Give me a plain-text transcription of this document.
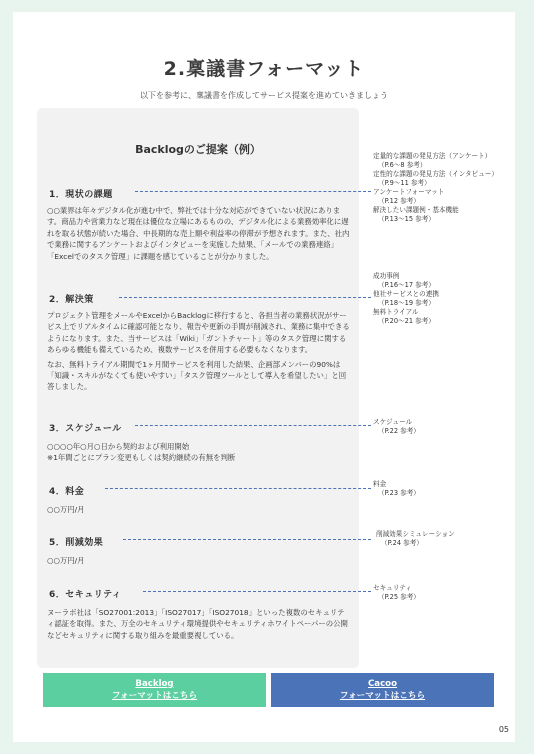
2.稟議書フォーマット
以下を参考に、稟議書を作成してサービス提案を進めていきましょう
Backlogのご提案（例）
1．現状の課題

○○業界は年々デジタル化が進む中で、弊社では十分な対応ができていない状況にあります。商品力や営業力など現在は優位な立場にあるものの、デジタル化による業務効率化に遅れを取る状態が続いた場合、中長期的な売上額や利益率の停滞が予想されます。また、社内で業務に関するアンケートおよびインタビューを実施した結果、「メールでの業務連絡」「Excelでのタスク管理」に課題を感じていることが分かりました。

2．解決策

プロジェクト管理をメールやExcelからBacklogに移行すると、各担当者の業務状況がサービス上でリアルタイムに確認可能となり、報告や更新の手間が削減され、業務に集中できるようになります。また、当サービスは「Wiki」「ガントチャート」等のタスク管理に関するあらゆる機能も備えているため、複数サービスを併用する必要もなくなります。

なお、無料トライアル期間で1ヶ月間サービスを利用した結果、企画部メンバーの90%は「知識・スキルがなくても使いやすい」「タスク管理ツールとして導入を希望したい」と回答しました。

3．スケジュール

○○○○年○月○日から契約および利用開始

※1年間ごとにプラン変更もしくは契約継続の有無を判断

4．料金

○○万円/月

5．削減効果

○○万円/月

6．セキュリティ

ヌーラボ社は「SO27001:2013」「ISO27017」「ISO27018」といった複数のセキュリティ認証を取得。また、万全のセキュリティ環境提供やセキュリティホワイトペーパーの公開などセキュリティに関する取り組みを最重要視している。

定量的な課題の発見方法（アンケート）
（P.6～8 参考）
定性的な課題の発見方法（インタビュー）
（P.9～11 参考）
アンケートフォーマット
（P.12 参考）
解決したい課題例・基本機能
（P.13～15 参考）
成功事例
（P.16～17 参考）
他社サービスとの連携
（P.18～19 参考）
無料トライアル
（P.20～21 参考）
スケジュール
（P.22 参考）
料金
（P.23 参考）
削減効果シミュレーション
（P.24 参考）
セキュリティ
（P.25 参考）
Backlog
フォーマットはこちら
Cacoo
フォーマットはこちら
05
